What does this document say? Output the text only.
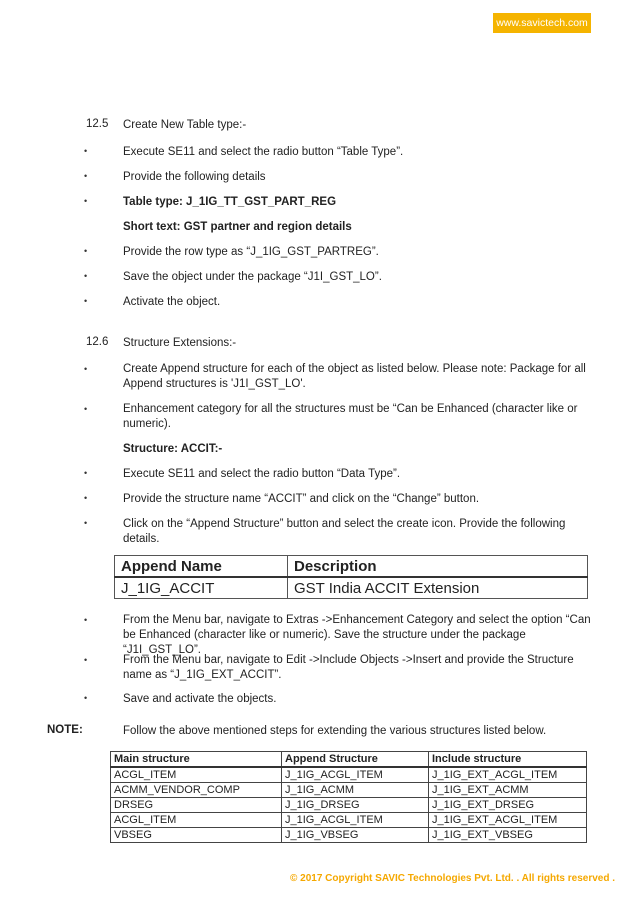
www.savictech.com
12.5 Create New Table type:-
•	Execute SE11 and select the radio button “Table Type”.
•	Provide the following details
•	Table type: J_1IG_TT_GST_PART_REG
Short text: GST partner and region details
•	Provide the row type as “J_1IG_GST_PARTREG”.
•	Save the object under the package “J1I_GST_LO”.
•	Activate the object.
12.6 Structure Extensions:-
•	Create Append structure for each of the object as listed below. Please note: Package for all Append structures is 'J1I_GST_LO'.
•	Enhancement category for all the structures must be “Can be Enhanced (character like or numeric).
Structure: ACCIT:-
•	Execute SE11 and select the radio button “Data Type”.
•	Provide the structure name “ACCIT” and click on the “Change” button.
•	Click on the “Append Structure” button and select the create icon. Provide the following details.
Append Name	Description
J_1IG_ACCIT	GST India ACCIT Extension
•	From the Menu bar, navigate to Extras ->Enhancement Category and select the option “Can be Enhanced (character like or numeric). Save the structure under the package “J1I_GST_LO”.
•	From the Menu bar, navigate to Edit ->Include Objects ->Insert and provide the Structure name as “J_1IG_EXT_ACCIT”.
•	Save and activate the objects.
NOTE:	Follow the above mentioned steps for extending the various structures listed below.
Main structure	Append Structure	Include structure
ACGL_ITEM	J_1IG_ACGL_ITEM	J_1IG_EXT_ACGL_ITEM
ACMM_VENDOR_COMP	J_1IG_ACMM	J_1IG_EXT_ACMM
DRSEG	J_1IG_DRSEG	J_1IG_EXT_DRSEG
ACGL_ITEM	J_1IG_ACGL_ITEM	J_1IG_EXT_ACGL_ITEM
VBSEG	J_1IG_VBSEG	J_1IG_EXT_VBSEG
© 2017 Copyright SAVIC Technologies Pvt. Ltd. . All rights reserved .
